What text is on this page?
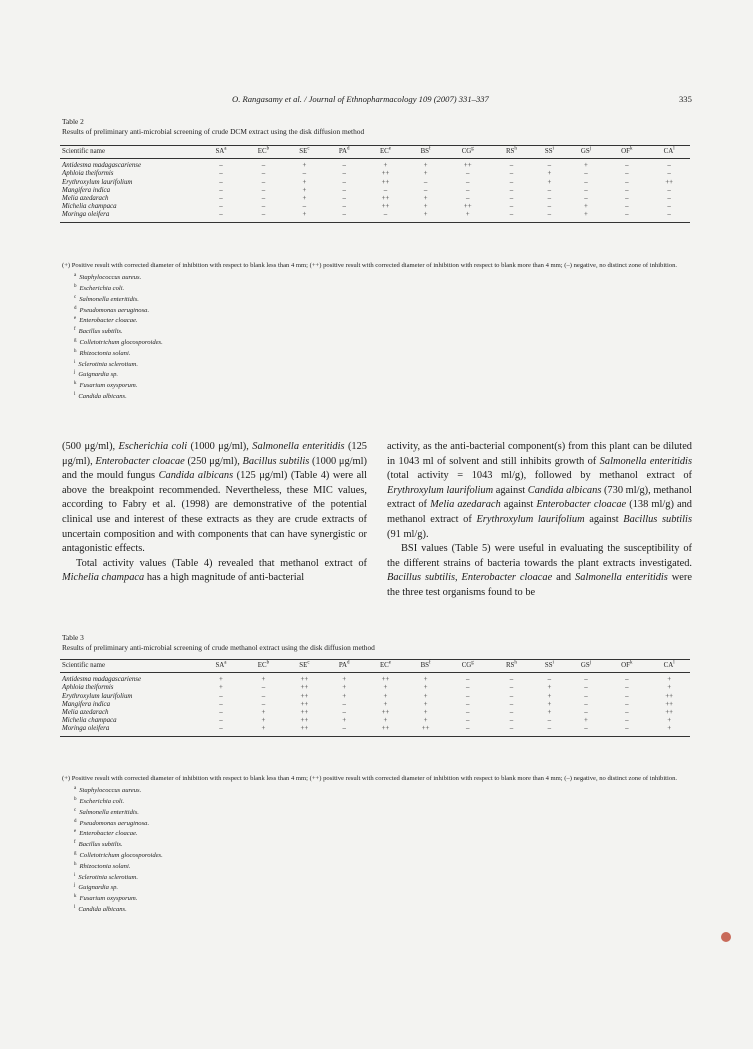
O. Rangasamy et al. / Journal of Ethnopharmacology 109 (2007) 331–337	335
Table 2
Results of preliminary anti-microbial screening of crude DCM extract using the disk diffusion method
Scientific name	$SA^a$	$EC^b$	$SE^c$	$PA^d$	$EC^e$	$BS^f$	$CG^g$	$RS^h$	$SS^i$	$GS^j$	$OF^k$	$CA^l$
Antidesma madagascariense	–	–	+	–	+	+	++	–	–	+	–	–
Aphloia theiformis	–	–	–	–	++	+	–	–	+	–	–	–
Erythroxylum laurifolium	–	–	+	–	++	–	–	–	+	–	–	++
Mangifera indica	–	–	+	–	–	–	–	–	–	–	–	–
Melia azedarach	–	–	+	–	++	+	–	–	–	–	–	–
Michelia champaca	–	–	–	–	++	+	++	–	–	+	–	–
Moringa oleifera	–	–	+	–	–	+	+	–	–	+	–	–

(+) Positive result with corrected diameter of inhibition with respect to blank less than 4 mm; (++) positive result with corrected diameter of inhibition with respect to blank more than 4 mm; (–) negative, no distinct zone of inhibition.

$^a$ Staphylococcus aureus.
$^b$ Escherichia coli.
$^c$ Salmonella enteritidis.
$^d$ Pseudomonas aeruginosa.
$^e$ Enterobacter cloacae.
$^f$ Bacillus subtilis.
$^g$ Colletotrichum glocosporoides.
$^h$ Rhizoctonia solani.
$^i$ Sclerotinia sclerotium.
$^j$ Guignardia sp.
$^k$ Fusarium oxysporum.
$^l$ Candida albicans.

(500 μg/ml), Escherichia coli (1000 μg/ml), Salmonella enteritidis (125 μg/ml), Enterobacter cloacae (250 μg/ml), Bacillus subtilis (1000 μg/ml) and the mould fungus Candida albicans (125 μg/ml) (Table 4) were all above the breakpoint recommended. Nevertheless, these MIC values, according to Fabry et al. (1998) are demonstrative of the potential clinical use and interest of these extracts as they are crude extracts of uncertain composition and with components that can have synergistic or antagonistic effects.

Total activity values (Table 4) revealed that methanol extract of Michelia champaca has a high magnitude of anti-bacterial

activity, as the anti-bacterial component(s) from this plant can be diluted in 1043 ml of solvent and still inhibits growth of Salmonella enteritidis (total activity = 1043 ml/g), followed by methanol extract of Erythroxylum laurifolium against Candida albicans (730 ml/g), methanol extract of Melia azedarach against Enterobacter cloacae (138 ml/g) and methanol extract of Erythroxylum laurifolium against Bacillus subtilis (91 ml/g).

BSI values (Table 5) were useful in evaluating the susceptibility of the different strains of bacteria towards the plant extracts investigated. Bacillus subtilis, Enterobacter cloacae and Salmonella enteritidis were the three test organisms found to be

Table 3
Results of preliminary anti-microbial screening of crude methanol extract using the disk diffusion method
Scientific name	$SA^a$	$EC^b$	$SE^c$	$PA^d$	$EC^e$	$BS^f$	$CG^g$	$RS^h$	$SS^i$	$GS^j$	$OF^k$	$CA^l$
Antidesma madagascariense	+	+	++	+	++	+	–	–	–	–	–	+
Aphloia theiformis	+	–	++	+	+	+	–	–	+	–	–	+
Erythroxylum laurifolium	–	–	++	+	+	+	–	–	+	–	–	++
Mangifera indica	–	–	++	–	+	+	–	–	+	–	–	++
Melia azedarach	–	+	++	–	++	+	–	–	+	–	–	++
Michelia champaca	–	+	++	+	+	+	–	–	–	+	–	+
Moringa oleifera	–	+	++	–	++	++	–	–	–	–	–	+

(+) Positive result with corrected diameter of inhibition with respect to blank less than 4 mm; (++) positive result with corrected diameter of inhibition with respect to blank more than 4 mm; (–) negative, no distinct zone of inhibition.

$^a$ Staphylococcus aureus.
$^b$ Escherichia coli.
$^c$ Salmonella enteritidis.
$^d$ Pseudomonas aeruginosa.
$^e$ Enterobacter cloacae.
$^f$ Bacillus subtilis.
$^g$ Colletotrichum glocosporoides.
$^h$ Rhizoctonia solani.
$^i$ Sclerotinia sclerotium.
$^j$ Guignardia sp.
$^k$ Fusarium oxysporum.
$^l$ Candida albicans.
